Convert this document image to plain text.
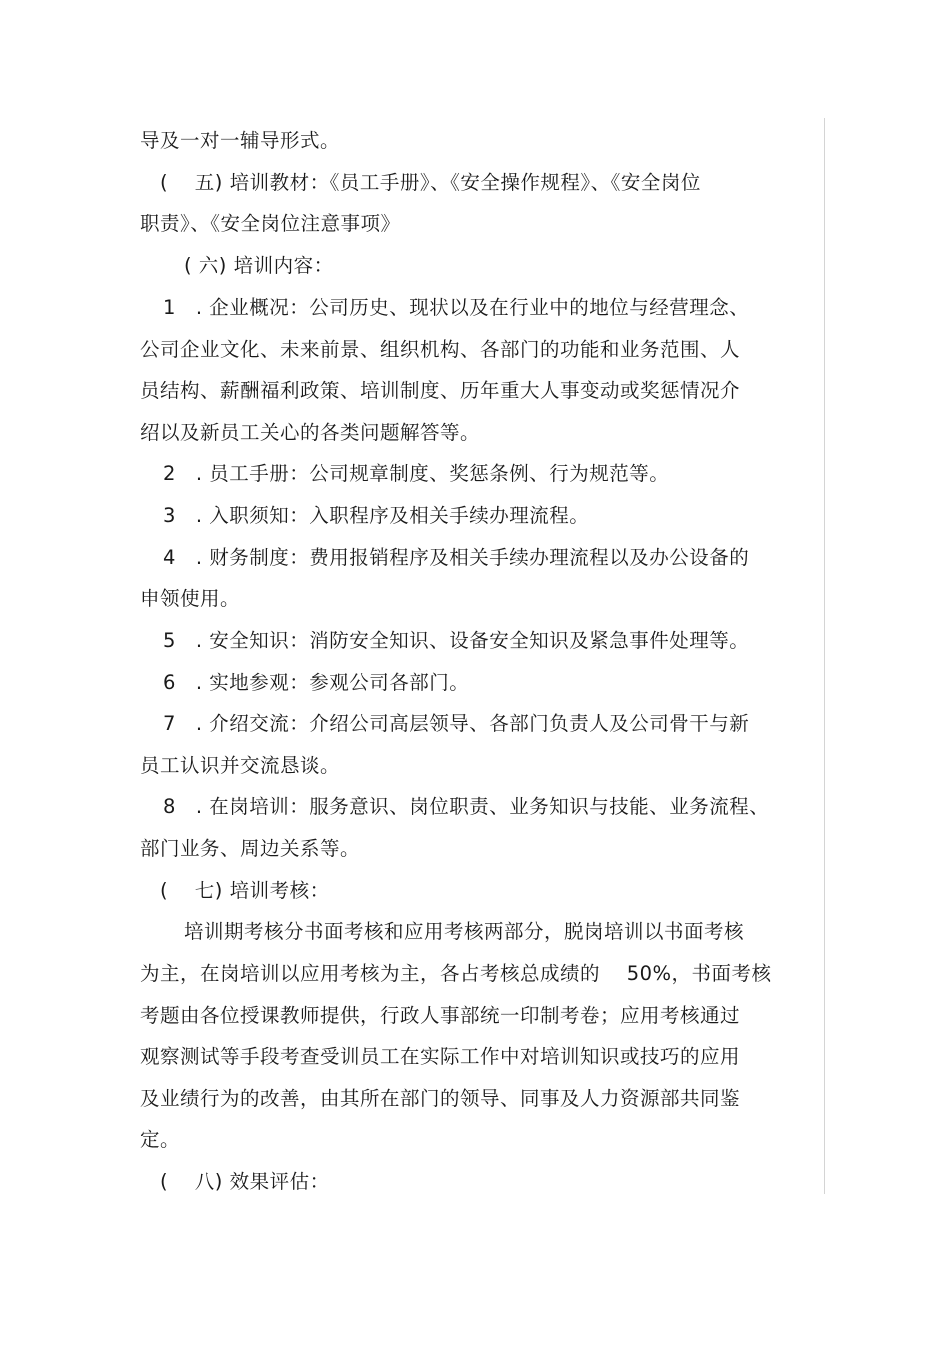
导及一对一辅导形式。
(　 五) 培训教材：《员工手册》、《安全操作规程》、《安全岗位
职责》、《安全岗位注意事项》
( 六) 培训内容：
1　. 企业概况：公司历史、现状以及在行业中的地位与经营理念、
公司企业文化、未来前景、组织机构、各部门的功能和业务范围、人
员结构、薪酬福利政策、培训制度、历年重大人事变动或奖惩情况介
绍以及新员工关心的各类问题解答等。
2　. 员工手册：公司规章制度、奖惩条例、行为规范等。
3　. 入职须知：入职程序及相关手续办理流程。
4　. 财务制度：费用报销程序及相关手续办理流程以及办公设备的
申领使用。
5　. 安全知识：消防安全知识、设备安全知识及紧急事件处理等。
6　. 实地参观：参观公司各部门。
7　. 介绍交流：介绍公司高层领导、各部门负责人及公司骨干与新
员工认识并交流恳谈。
8　. 在岗培训：服务意识、岗位职责、业务知识与技能、业务流程、
部门业务、周边关系等。
(　 七) 培训考核：
培训期考核分书面考核和应用考核两部分，脱岗培训以书面考核
为主，在岗培训以应用考核为主，各占考核总成绩的　 50%，书面考核
考题由各位授课教师提供，行政人事部统一印制考卷；应用考核通过
观察测试等手段考查受训员工在实际工作中对培训知识或技巧的应用
及业绩行为的改善，由其所在部门的领导、同事及人力资源部共同鉴
定。
(　 八) 效果评估：
